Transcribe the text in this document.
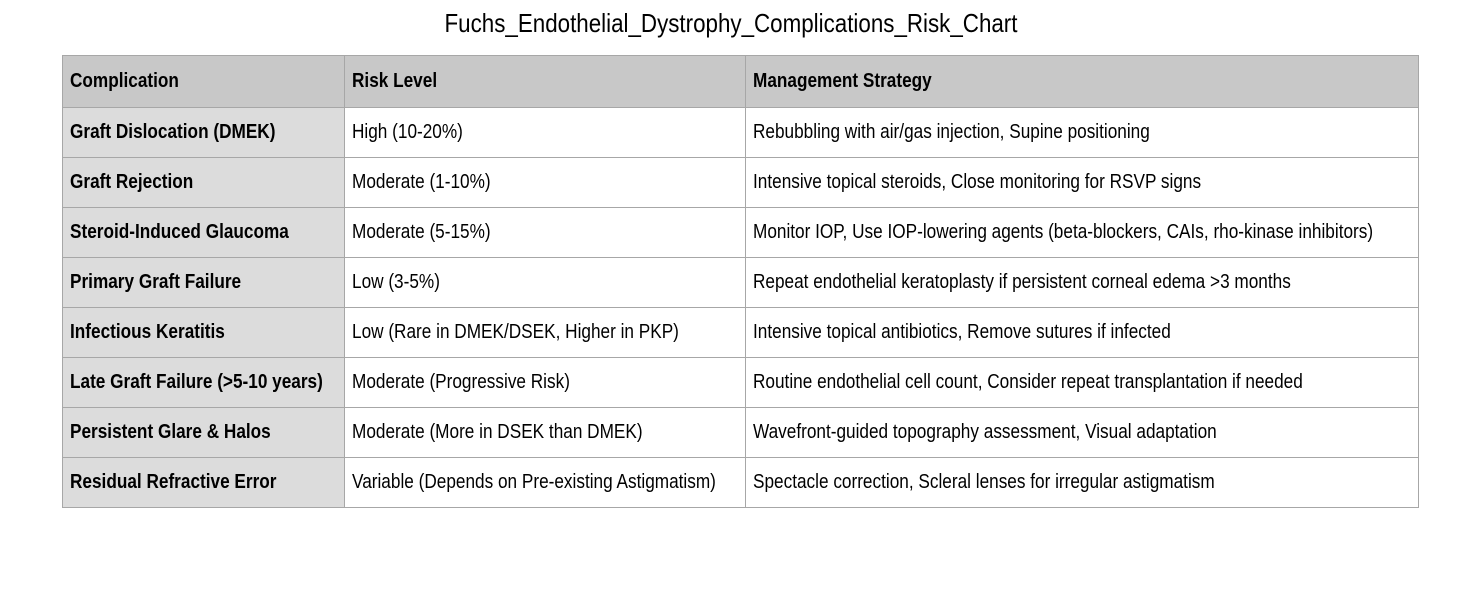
Fuchs_Endothelial_Dystrophy_Complications_Risk_Chart
Complication	Risk Level	Management Strategy
Graft Dislocation (DMEK)	High (10-20%)	Rebubbling with air/gas injection, Supine positioning
Graft Rejection	Moderate (1-10%)	Intensive topical steroids, Close monitoring for RSVP signs
Steroid-Induced Glaucoma	Moderate (5-15%)	Monitor IOP, Use IOP-lowering agents (beta-blockers, CAIs, rho-kinase inhibitors)
Primary Graft Failure	Low (3-5%)	Repeat endothelial keratoplasty if persistent corneal edema >3 months
Infectious Keratitis	Low (Rare in DMEK/DSEK, Higher in PKP)	Intensive topical antibiotics, Remove sutures if infected
Late Graft Failure (>5-10 years)	Moderate (Progressive Risk)	Routine endothelial cell count, Consider repeat transplantation if needed
Persistent Glare & Halos	Moderate (More in DSEK than DMEK)	Wavefront-guided topography assessment, Visual adaptation
Residual Refractive Error	Variable (Depends on Pre-existing Astigmatism)	Spectacle correction, Scleral lenses for irregular astigmatism
